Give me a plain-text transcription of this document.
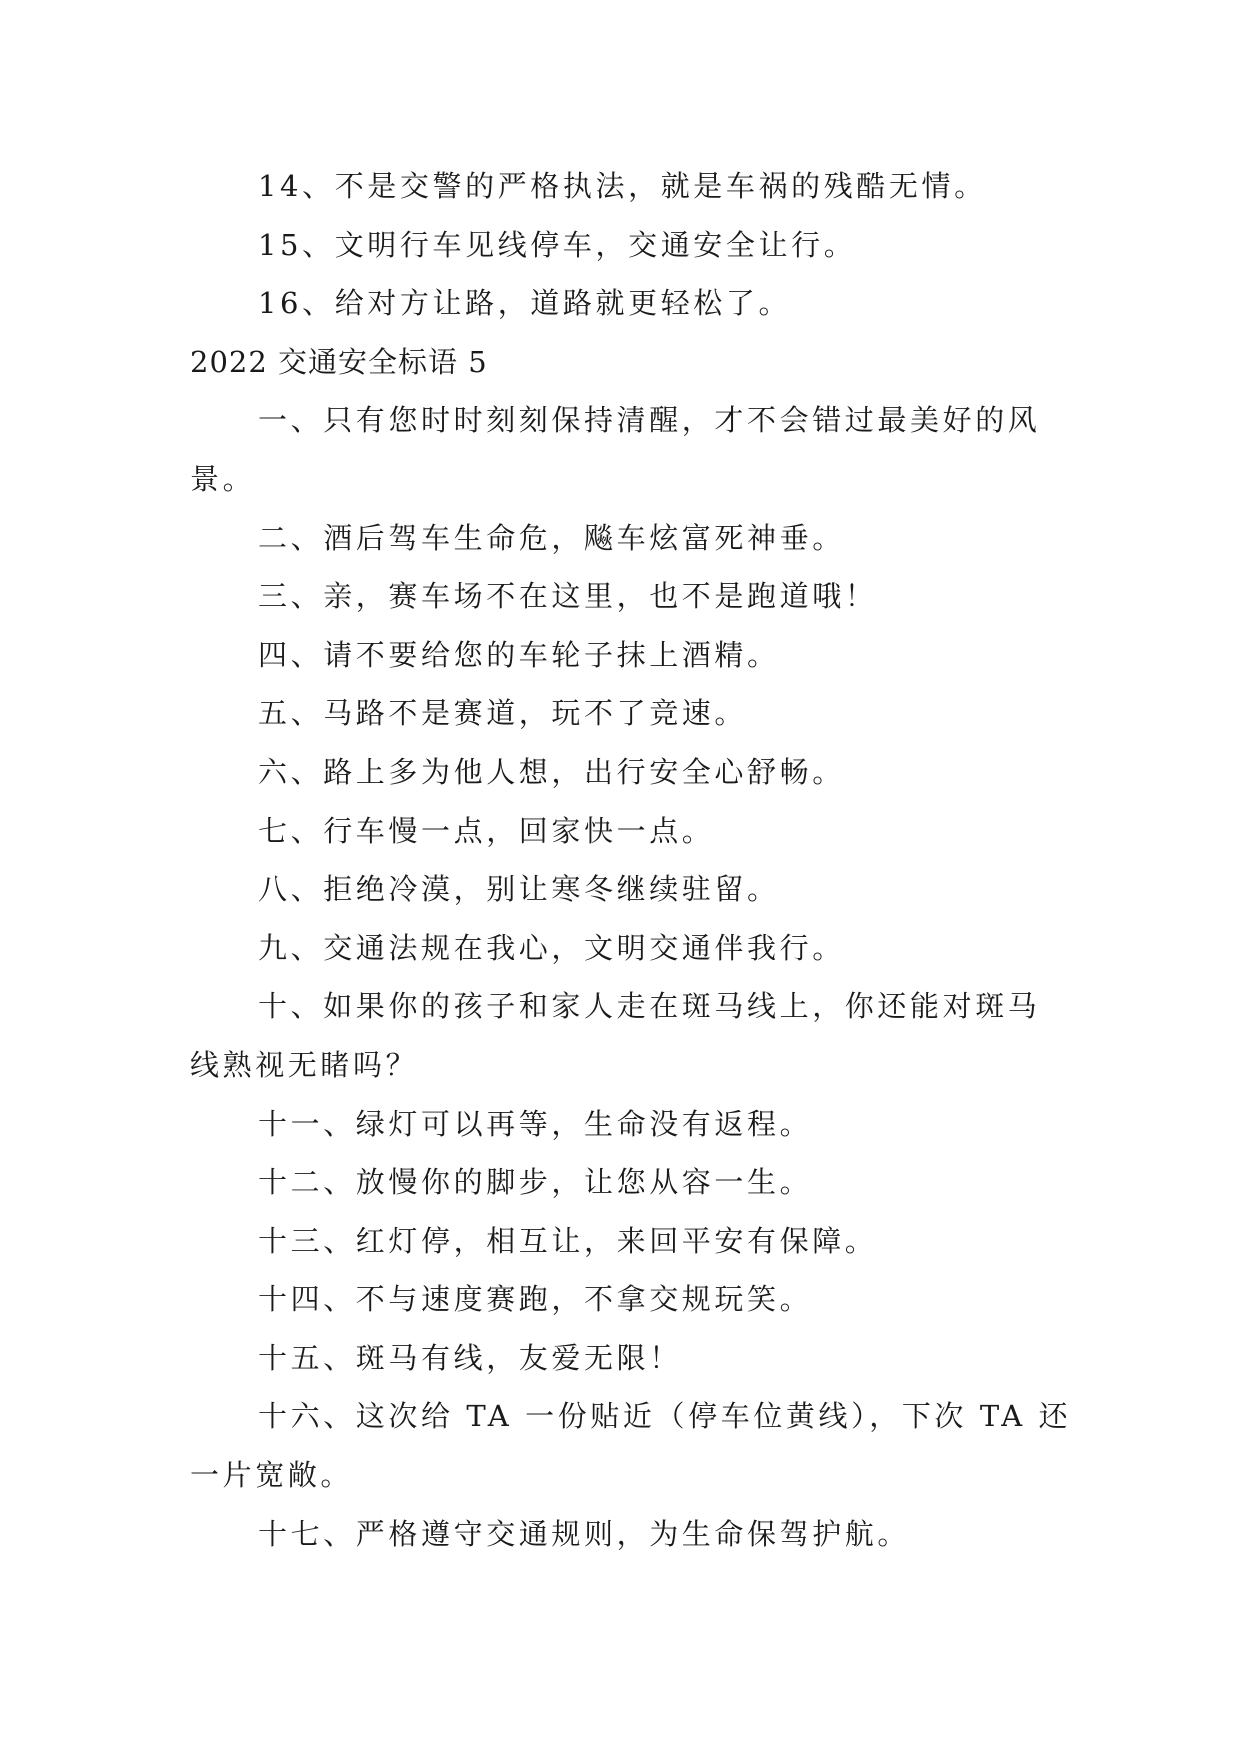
14、不是交警的严格执法，就是车祸的残酷无情。
15、文明行车见线停车，交通安全让行。
16、给对方让路，道路就更轻松了。
2022 交通安全标语 5
一、只有您时时刻刻保持清醒，才不会错过最美好的风
景。
二、酒后驾车生命危，飚车炫富死神垂。
三、亲，赛车场不在这里，也不是跑道哦！
四、请不要给您的车轮子抹上酒精。
五、马路不是赛道，玩不了竞速。
六、路上多为他人想，出行安全心舒畅。
七、行车慢一点，回家快一点。
八、拒绝冷漠，别让寒冬继续驻留。
九、交通法规在我心，文明交通伴我行。
十、如果你的孩子和家人走在斑马线上，你还能对斑马
线熟视无睹吗？
十一、绿灯可以再等，生命没有返程。
十二、放慢你的脚步，让您从容一生。
十三、红灯停，相互让，来回平安有保障。
十四、不与速度赛跑，不拿交规玩笑。
十五、斑马有线，友爱无限！
十六、这次给 TA 一份贴近（停车位黄线），下次 TA 还
一片宽敞。
十七、严格遵守交通规则，为生命保驾护航。
